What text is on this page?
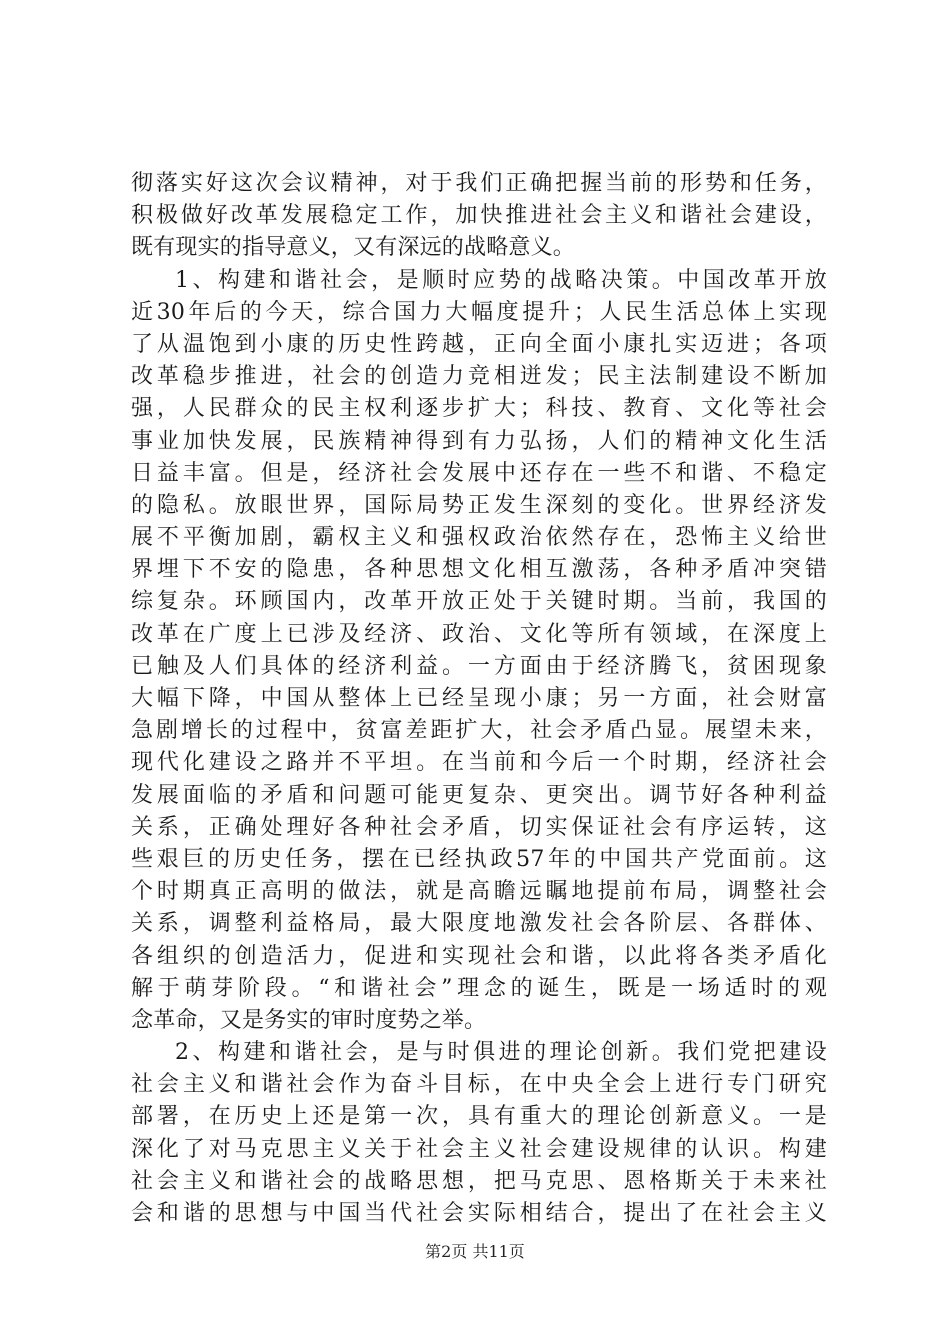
彻落实好这次会议精神，对于我们正确把握当前的形势和任务，
积极做好改革发展稳定工作，加快推进社会主义和谐社会建设，
既有现实的指导意义，又有深远的战略意义。
1、构建和谐社会，是顺时应势的战略决策。中国改革开放
近30年后的今天，综合国力大幅度提升；人民生活总体上实现
了从温饱到小康的历史性跨越，正向全面小康扎实迈进；各项
改革稳步推进，社会的创造力竞相迸发；民主法制建设不断加
强，人民群众的民主权利逐步扩大；科技、教育、文化等社会
事业加快发展，民族精神得到有力弘扬，人们的精神文化生活
日益丰富。但是，经济社会发展中还存在一些不和谐、不稳定
的隐私。放眼世界，国际局势正发生深刻的变化。世界经济发
展不平衡加剧，霸权主义和强权政治依然存在，恐怖主义给世
界埋下不安的隐患，各种思想文化相互激荡，各种矛盾冲突错
综复杂。环顾国内，改革开放正处于关键时期。当前，我国的
改革在广度上已涉及经济、政治、文化等所有领域，在深度上
已触及人们具体的经济利益。一方面由于经济腾飞，贫困现象
大幅下降，中国从整体上已经呈现小康；另一方面，社会财富
急剧增长的过程中，贫富差距扩大，社会矛盾凸显。展望未来，
现代化建设之路并不平坦。在当前和今后一个时期，经济社会
发展面临的矛盾和问题可能更复杂、更突出。调节好各种利益
关系，正确处理好各种社会矛盾，切实保证社会有序运转，这
些艰巨的历史任务，摆在已经执政57年的中国共产党面前。这
个时期真正高明的做法，就是高瞻远瞩地提前布局，调整社会
关系，调整利益格局，最大限度地激发社会各阶层、各群体、
各组织的创造活力，促进和实现社会和谐，以此将各类矛盾化
解于萌芽阶段。“和谐社会”理念的诞生，既是一场适时的观
念革命，又是务实的审时度势之举。
2、构建和谐社会，是与时俱进的理论创新。我们党把建设
社会主义和谐社会作为奋斗目标，在中央全会上进行专门研究
部署，在历史上还是第一次，具有重大的理论创新意义。一是
深化了对马克思主义关于社会主义社会建设规律的认识。构建
社会主义和谐社会的战略思想，把马克思、恩格斯关于未来社
会和谐的思想与中国当代社会实际相结合，提出了在社会主义
第2页 共11页
